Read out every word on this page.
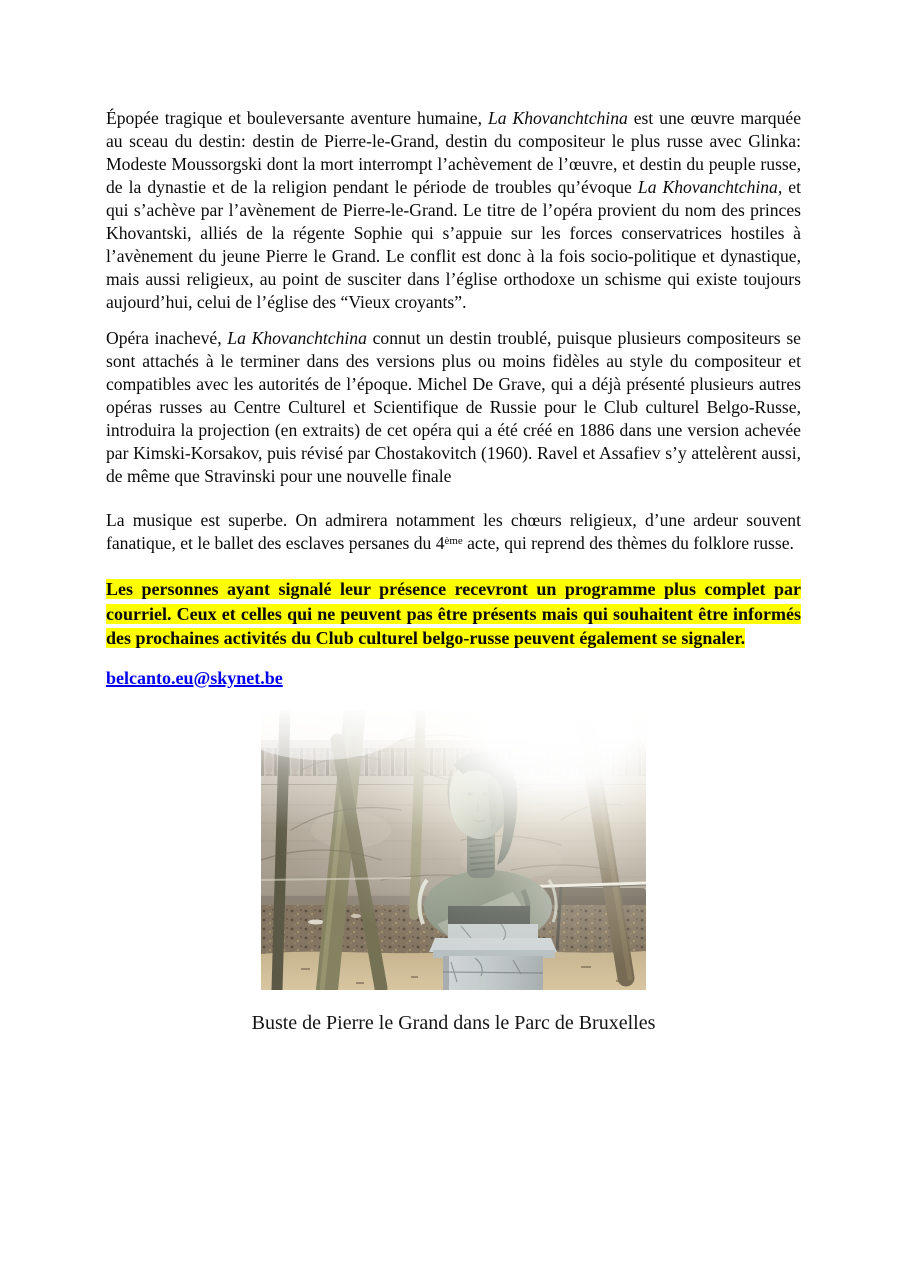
Épopée tragique et bouleversante aventure humaine, La Khovanchtchina est une œuvre marquée au sceau du destin: destin de Pierre-le-Grand, destin du compositeur le plus russe avec Glinka: Modeste Moussorgski dont la mort interrompt l’achèvement de l’œuvre, et destin du peuple russe, de la dynastie et de la religion pendant le période de troubles qu’évoque La Khovanchtchina, et qui s’achève par l’avènement de Pierre-le-Grand. Le titre de l’opéra provient du nom des princes Khovantski, alliés de la régente Sophie qui s’appuie sur les forces conservatrices hostiles à l’avènement du jeune Pierre le Grand. Le conflit est donc à la fois socio-politique et dynastique, mais aussi religieux, au point de susciter dans l’église orthodoxe un schisme qui existe toujours aujourd’hui, celui de l’église des “Vieux croyants”.

Opéra inachevé, La Khovanchtchina connut un destin troublé, puisque plusieurs compositeurs se sont attachés à le terminer dans des versions plus ou moins fidèles au style du compositeur et compatibles avec les autorités de l’époque. Michel De Grave, qui a déjà présenté plusieurs autres opéras russes au Centre Culturel et Scientifique de Russie pour le Club culturel Belgo-Russe, introduira la projection (en extraits) de cet opéra qui a été créé en 1886 dans une version achevée par Kimski-Korsakov, puis révisé par Chostakovitch (1960). Ravel et Assafiev s’y attelèrent aussi, de même que Stravinski pour une nouvelle finale

La musique est superbe. On admirera notamment les chœurs religieux, d’une ardeur souvent fanatique, et le ballet des esclaves persanes du 4ème acte, qui reprend des thèmes du folklore russe.

Les personnes ayant signalé leur présence recevront un programme plus complet par courriel. Ceux et celles qui ne peuvent pas être présents mais qui souhaitent être informés des prochaines activités du Club culturel belgo-russe peuvent également se signaler.

belcanto.eu@skynet.be

Buste de Pierre le Grand dans le Parc de Bruxelles
